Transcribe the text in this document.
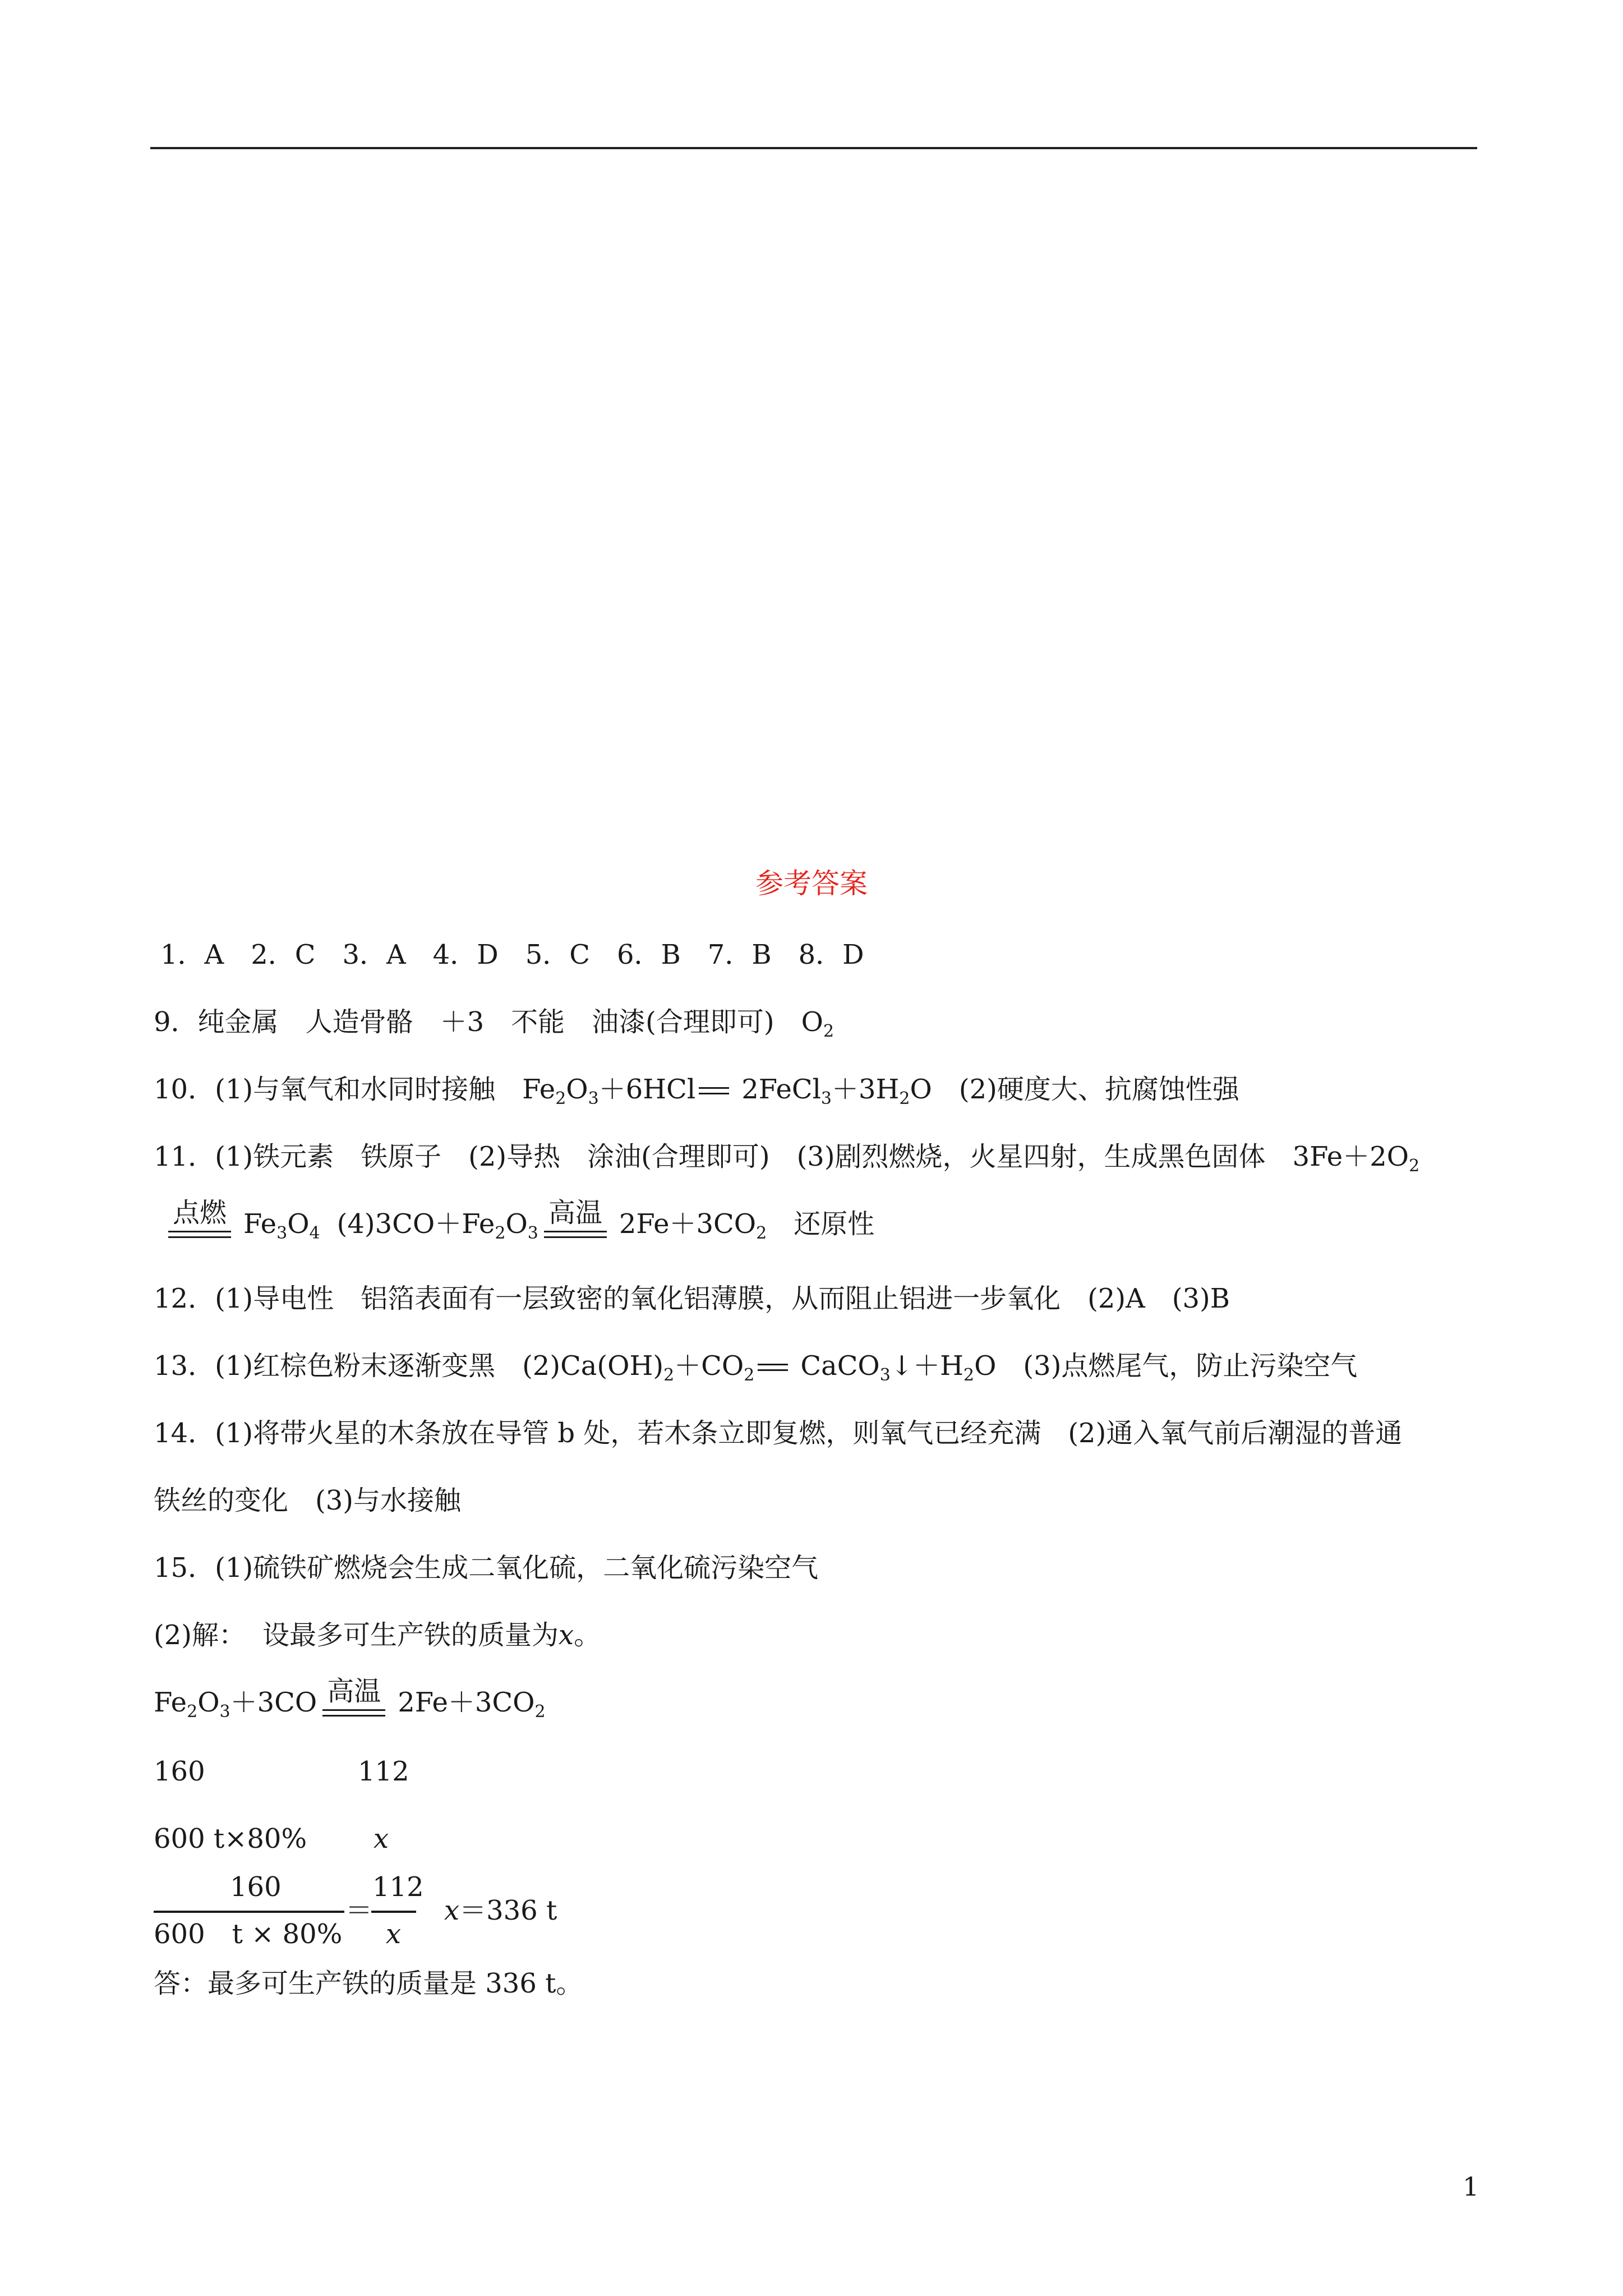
参考答案
1．A　2．C　3．A　4．D　5．C　6．B　7．B　8．D
9．纯金属 人造骨骼 ＋3 不能 油漆(合理即可) $O_2$
10．(1)与氧气和水同时接触 $Fe_2O_3+6HCl$ $2FeCl_3+3H_2O$ (2)硬度大、抗腐蚀性强
11．(1)铁元素 铁原子 (2)导热 涂油(合理即可) (3)剧烈燃烧，火星四射，生成黑色固体 $3Fe+2O_2$
点燃 $Fe_3O_4$ $(4)3CO+Fe_2O_3$
高温 $2Fe+3CO_2$ 还原性
12．(1)导电性 铝箔表面有一层致密的氧化铝薄膜，从而阻止铝进一步氧化 (2)A (3)B
13．(1)红棕色粉末逐渐变黑 $(2)Ca(OH)_2+CO_2$ $CaCO_3↓+H_2O$ (3)点燃尾气，防止污染空气
14．(1)将带火星的木条放在导管 b 处，若木条立即复燃，则氧气已经充满 (2)通入氧气前后潮湿的普通
铁丝的变化 (3)与水接触
15．(1)硫铁矿燃烧会生成二氧化硫，二氧化硫污染空气
(2)解： 设最多可生产铁的质量为x。
$Fe_2O_3+3CO$ 高温 $2Fe+3CO_2$
160	112
600 t×80% x
160
600　t × 80%
＝
112
x
x＝336 t
答：最多可生产铁的质量是 336 t。
1
